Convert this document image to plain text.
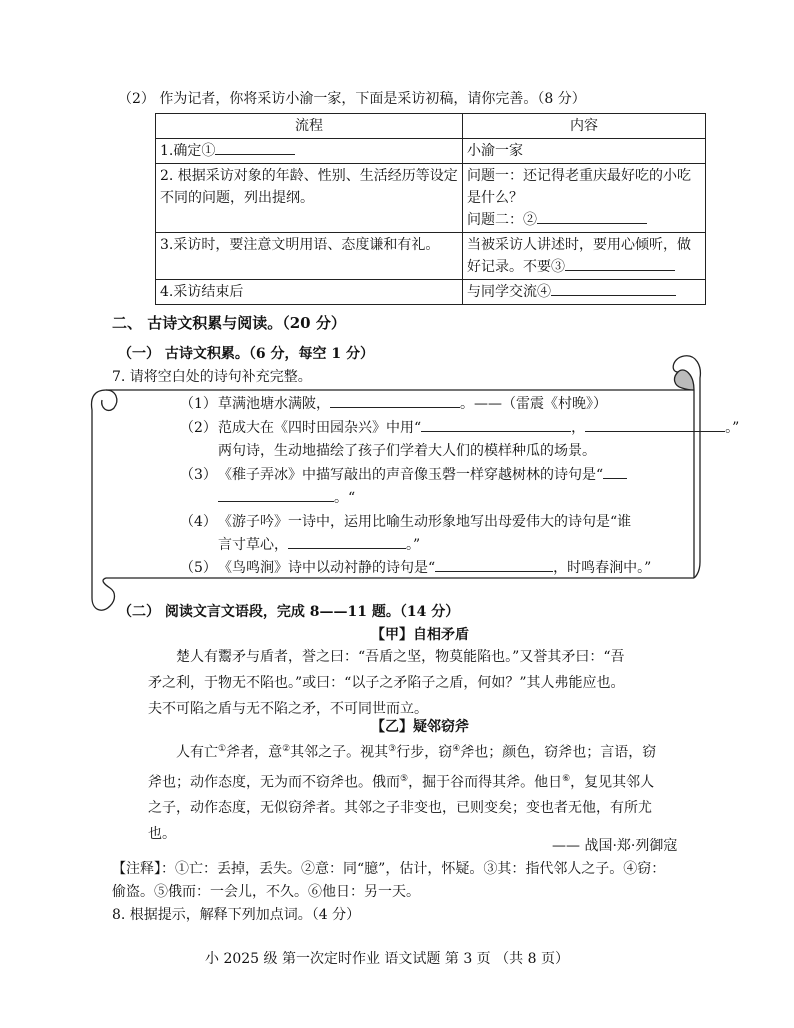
（2） 作为记者，你将采访小渝一家，下面是采访初稿，请你完善。（8 分）
流程	内容
1.确定①	小渝一家
2. 根据采访对象的年龄、性别、生活经历等设定不同的问题，列出提纲。	问题一：还记得老重庆最好吃的小吃是什么？
问题二：②

3.采访时，要注意文明用语、态度谦和有礼。	当被采访人讲述时，要用心倾听，做好记录。不要③
4.采访结束后	与同学交流④
二、 古诗文积累与阅读。（20 分）
（一） 古诗文积累。（6 分，每空 1 分）
7. 请将空白处的诗句补充完整。
（1）草满池塘水满陂，	。——（雷震《村晚》）
（2）范成大在《四时田园杂兴》中用“	，	。”
两句诗，生动地描绘了孩子们学着大人们的模样种瓜的场景。
（3）《稚子弄冰》中描写敲出的声音像玉磬一样穿越树林的诗句是“
。“
（4）《游子吟》一诗中，运用比喻生动形象地写出母爱伟大的诗句是“谁
言寸草心，	。”
（5）《鸟鸣涧》诗中以动衬静的诗句是“	，时鸣春涧中。”
（二） 阅读文言文语段，完成 8——11 题。（14 分）
【甲】自相矛盾
楚人有鬻矛与盾者，誉之曰：“吾盾之坚，物莫能陷也。”又誉其矛曰：“吾
矛之利，于物无不陷也。”或曰：“以子之矛陷子之盾，何如？”其人弗能应也。
夫不可陷之盾与无不陷之矛，不可同世而立。
【乙】疑邻窃斧
人有亡①斧者，意②其邻之子。视其③行步，窃④斧也；颜色，窃斧也；言语，窃
斧也；动作态度，无为而不窃斧也。俄而⑤，掘于谷而得其斧。他日⑥，复见其邻人
之子，动作态度，无似窃斧者。其邻之子非变也，已则变矣；变也者无他，有所尤
也。
—— 战国·郑·列御寇
【注释】：①亡：丢掉，丢失。②意：同“臆”，估计，怀疑。③其：指代邻人之子。④窃：
偷盗。⑤俄而：一会儿，不久。⑥他日：另一天。
8. 根据提示，解释下列加点词。（4 分）
小 2025 级 第一次定时作业 语文试题 第 3 页 （共 8 页）
